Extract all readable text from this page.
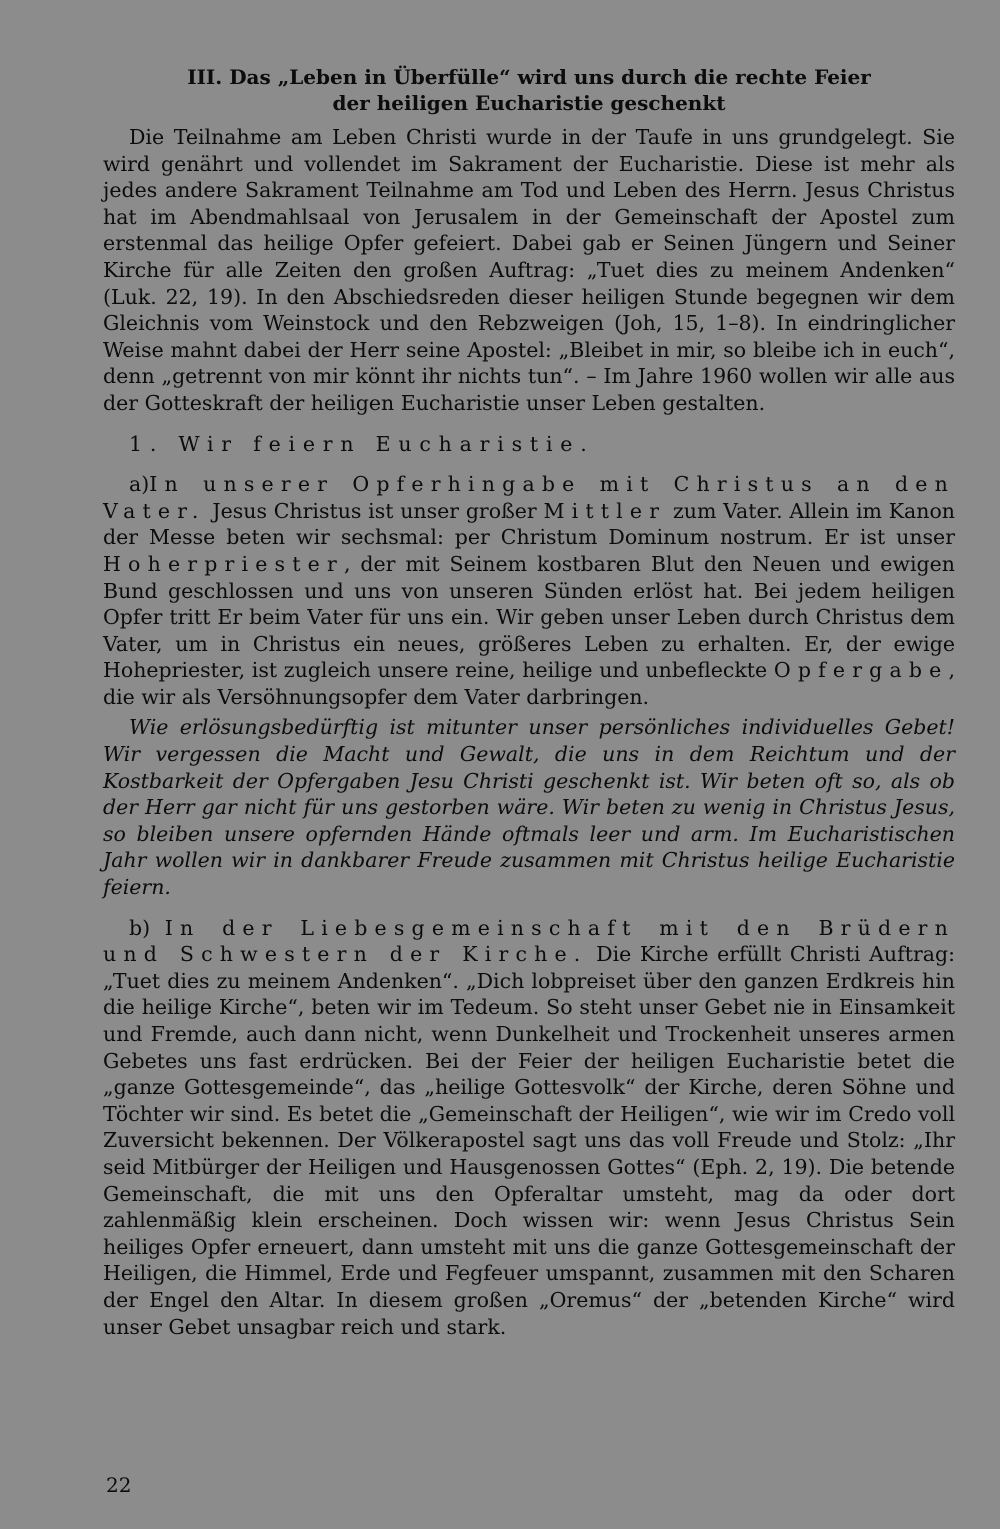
III. Das „Leben in Überfülle“ wird uns durch die rechte Feier
der heiligen Eucharistie geschenkt

Die Teilnahme am Leben Christi wurde in der Taufe in uns grundgelegt. Sie wird genährt und vollendet im Sakrament der Eucharistie. Diese ist mehr als jedes andere Sakrament Teilnahme am Tod und Leben des Herrn. Jesus Christus hat im Abendmahlsaal von Jerusalem in der Gemeinschaft der Apostel zum erstenmal das heilige Opfer gefeiert. Dabei gab er Seinen Jüngern und Seiner Kirche für alle Zeiten den großen Auftrag: „Tuet dies zu meinem Andenken“ (Luk. 22, 19). In den Abschiedsreden dieser heiligen Stunde begegnen wir dem Gleichnis vom Weinstock und den Rebzweigen (Joh, 15, 1–8). In eindringlicher Weise mahnt dabei der Herr seine Apostel: „Bleibet in mir, so bleibe ich in euch“, denn „getrennt von mir könnt ihr nichts tun“. – Im Jahre 1960 wollen wir alle aus der Gotteskraft der heiligen Eucharistie unser Leben gestalten.

1. Wir feiern Eucharistie.

a)In unserer Opferhingabe mit Christus an den Vater. Jesus Christus ist unser großer Mittler zum Vater. Allein im Kanon der Messe beten wir sechsmal: per Christum Dominum nostrum. Er ist unser Hoherpriester, der mit Seinem kostbaren Blut den Neuen und ewigen Bund geschlossen und uns von unseren Sünden erlöst hat. Bei jedem heiligen Opfer tritt Er beim Vater für uns ein. Wir geben unser Leben durch Christus dem Vater, um in Christus ein neues, größeres Leben zu erhalten. Er, der ewige Hohepriester, ist zugleich unsere reine, heilige und unbefleckte Opfergabe, die wir als Versöhnungsopfer dem Vater darbringen.

Wie erlösungsbedürftig ist mitunter unser persönliches individuelles Gebet! Wir vergessen die Macht und Gewalt, die uns in dem Reichtum und der Kostbarkeit der Opfergaben Jesu Christi geschenkt ist. Wir beten oft so, als ob der Herr gar nicht für uns gestorben wäre. Wir beten zu wenig in Christus Jesus, so bleiben unsere opfernden Hände oftmals leer und arm. Im Eucharistischen Jahr wollen wir in dankbarer Freude zusammen mit Christus heilige Eucharistie feiern.

b) In der Liebesgemeinschaft mit den Brüdern und Schwestern der Kirche. Die Kirche erfüllt Christi Auftrag: „Tuet dies zu meinem Andenken“. „Dich lobpreiset über den ganzen Erdkreis hin die heilige Kirche“, beten wir im Tedeum. So steht unser Gebet nie in Einsamkeit und Fremde, auch dann nicht, wenn Dunkelheit und Trockenheit unseres armen Gebetes uns fast erdrücken. Bei der Feier der heiligen Eucharistie betet die „ganze Gottesgemeinde“, das „heilige Gottesvolk“ der Kirche, deren Söhne und Töchter wir sind. Es betet die „Gemeinschaft der Heiligen“, wie wir im Credo voll Zuversicht bekennen. Der Völkerapostel sagt uns das voll Freude und Stolz: „Ihr seid Mitbürger der Heiligen und Hausgenossen Gottes“ (Eph. 2, 19). Die betende Gemeinschaft, die mit uns den Opferaltar umsteht, mag da oder dort zahlenmäßig klein erscheinen. Doch wissen wir: wenn Jesus Christus Sein heiliges Opfer erneuert, dann umsteht mit uns die ganze Gottesgemeinschaft der Heiligen, die Himmel, Erde und Fegfeuer umspannt, zusammen mit den Scharen der Engel den Altar. In diesem großen „Oremus“ der „betenden Kirche“ wird unser Gebet unsagbar reich und stark.

22
